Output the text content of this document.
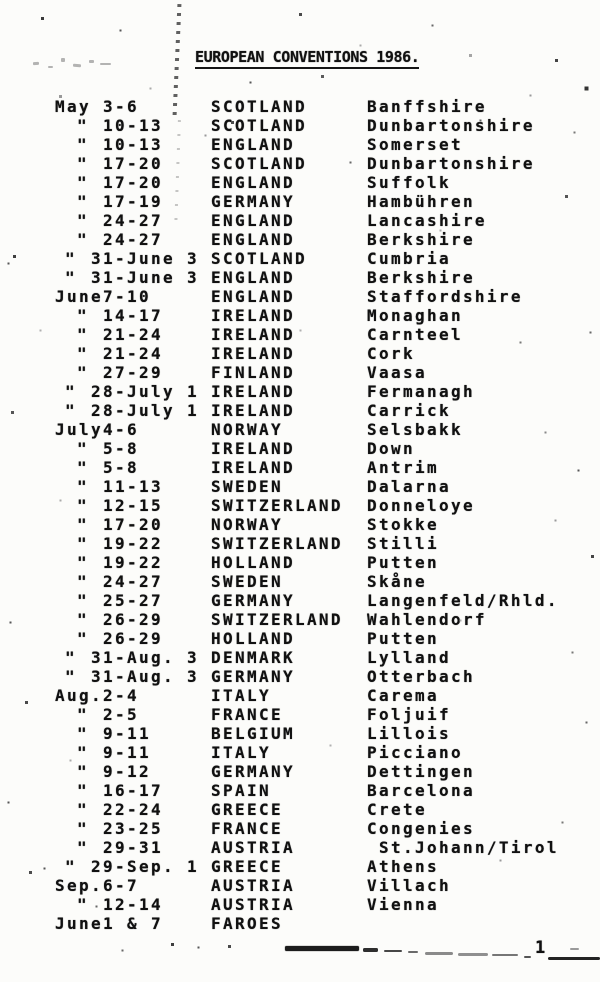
EUROPEAN CONVENTIONS 1986.
May 3-6	SCOTLAND	Banffshire
" 10-13	SCOTLAND	Dunbartonshire
" 10-13	ENGLAND	Somerset
" 17-20	SCOTLAND	Dunbartonshire
" 17-20	ENGLAND	Suffolk
" 17-19	GERMANY	Hambühren
" 24-27	ENGLAND	Lancashire
" 24-27	ENGLAND	Berkshire
" 31-June 3 SCOTLAND	Cumbria
" 31-June 3 ENGLAND	Berkshire
June 7-10	ENGLAND	Staffordshire
" 14-17	IRELAND	Monaghan
" 21-24	IRELAND	Carnteel
" 21-24	IRELAND	Cork
" 27-29	FINLAND	Vaasa
" 28-July 1 IRELAND	Fermanagh
" 28-July 1 IRELAND	Carrick
July 4-6	NORWAY	Selsbakk
" 5-8	IRELAND	Down
" 5-8	IRELAND	Antrim
" 11-13	SWEDEN	Dalarna
" 12-15	SWITZERLAND	Donneloye
" 17-20	NORWAY	Stokke
" 19-22	SWITZERLAND	Stilli
" 19-22	HOLLAND	Putten
" 24-27	SWEDEN	Skåne
" 25-27	GERMANY	Langenfeld/Rhld.
" 26-29	SWITZERLAND	Wahlendorf
" 26-29	HOLLAND	Putten
" 31-Aug. 3 DENMARK	Lylland
" 31-Aug. 3 GERMANY	Otterbach
Aug. 2-4	ITALY	Carema
" 2-5	FRANCE	Foljuif
" 9-11	BELGIUM	Lillois
" 9-11	ITALY	Picciano
" 9-12	GERMANY	Dettingen
" 16-17	SPAIN	Barcelona
" 22-24	GREECE	Crete
" 23-25	FRANCE	Congenies
" 29-31	AUSTRIA	St.Johann/Tirol
" 29-Sep. 1 GREECE	Athens
Sep. 6-7	AUSTRIA	Villach
" 12-14	AUSTRIA	Vienna
June 1 & 7	FAROES
1
